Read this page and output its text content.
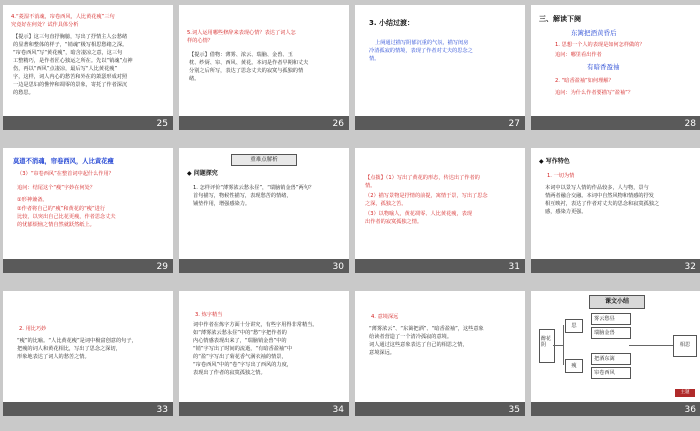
4.“菱湿不消魂，帘卷西风，人比黄花瘦”三句
究竟好在何处？试作具体分析
【提示】这三句直抒胸臆，写出了抒情主人公愁绪
的显著和整体的样子，“销魂”极写相思愁绪之深。
“帘卷西风”写“黄花瘦”，暗含凄凉之意，这三句
工整精巧，是作者匠心独运之所在。先以“销魂”点神
伤，再以“西风”点凄凉，最后写“人比黄花瘦”
字，这样，词人内心的愁苦和外在的萧瑟形成对照
一边是思妇的憔悴和凋零的景象，寄托了作者深沉
的愁思。
25
5.词人运用哪些修辞来表现心情？表达了词人怎
样的心情？
【提示】借物：薄雾、浓云、瑞脑、金兽、玉
枕、纱厨、帘、西风、黄花。本词是作者早期和丈夫
分别之后所写，表达了思念丈夫的寂寞与孤独的情
绪。
26
3. 小结过渡：
上阕通过描写阴郁沉重的气氛，描写闺房
冷清孤寂的情境，表现了作者对丈夫的思念之
情。
27
三、解读下阕
东篱把酒黄昏后
1. 思想一个人的表现是如何怎样做的？
追问：哪里看出作者
有暗香盈袖
2. “暗香盈袖”如何理解？
追问：为什么作者要描写“盈袖”？
28
莫道不消魂，帘卷西风，人比黄花瘦
（3）“帘卷西风”在整首词中起什么作用？
追问：结尾这个“瘦”字妙在何处？
①形神兼备。
②作者将自己的“瘦”和黄花的“瘦”进行
比较，以突出自己比花更瘦，作者思念丈夫
的忧郁烦恼之情自然就跃然纸上。
29
重难点解析
◆ 问题探究
1. 怎样评价“薄雾浓云愁永昼”，“瑞脑销金兽”两句？
首句描写，物候性描写，表现愁苦的情绪，
铺垫作用，增强感染力。
30
【点拨】（1）写出了黄花的形态，传达出了作者的
情。
（2）描写景物是抒情的前提，寓情于景，写出了思念
之深，孤独之苦。
（3）以物喻人，黄花凋零、人比黄花瘦，表现
出作者的寂寞孤独之情。
31
◆ 写作特色
1. 一切为情
本词中以景写人情的作品较多，人与物，景与
情两者融合交融。本词中自然风物和情感的抒发
相互映衬，表达了作者对丈夫的思念和寂寞孤独之
感，感染力更强。
32
2. 用比巧妙
“瘦”的比喻。“人比黄花瘦”是词中极富创意的句子，
把瘦的词人和黄花相比，写出了思念之深切，
形象地表达了词人的愁苦之情。
33
3. 炼字精当
词中作者在炼字方面十分讲究，有些字用得非常精当。
如“薄雾浓云愁永昼”中的“愁”字把作者的
内心情感表现出来了，“瑞脑销金兽”中的
“销”字写出了时间的流逝，“有暗香盈袖”中
的“盈”字写出了菊花香气满衣袖的情景，
“帘卷西风”中的“卷”字写出了西风的力度，
表现出了作者的寂寞孤独之情。
34
4. 意境深远
“薄雾浓云”、“东篱把酒”、“暗香盈袖”，这些意象
给读者营造了一个清冷孤寂的意境。
词人通过这些意象表达了自己的相思之情，
意境深远。
35
课文小结
醉花阴
思
瘦
雾云愁昼
瑞脑金兽
把酒东篱
帘卷西风
相思
主题
36
